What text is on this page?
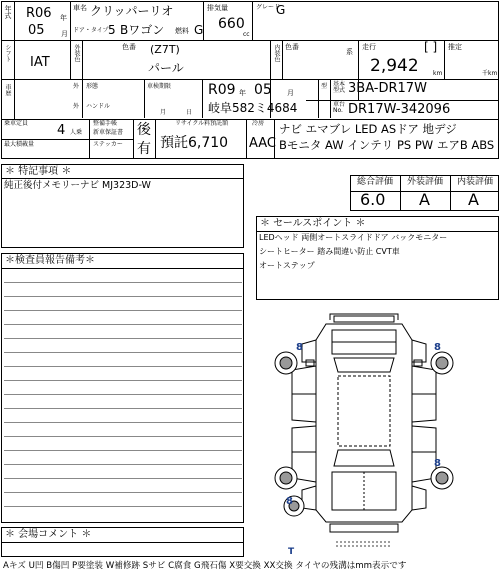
年式 R06 年
05 月
車名 クリッパーリオ
ドア・タイプ 5 Bワゴン 燃料 G
排気量
660
cc
グレード
G
シフト
IAT
外装色	色番 (Z7T)
パール
内装色 色番
系
走行	[ ]
2,942 km
推定
千km
車歴	外 形態
外 ハンドル
車検期限
月	日
R09 年 05 月
岐阜582ミ4684
型 基本型式 3BA-DR17W
車台No. DR17W-342096
乗車定員 4 人乗
最大積載量
整備手帳
新車保証書
ステッカー
後
有
リサイクル料預託額
預託6,710
冷房
AAC
ナビ エマブレ LED ASドア 地デジ
Bモニタ AW インテリ PS PW エアB ABS
＊ 特記事項 ＊
純正後付メモリーナビ MJ323D-W	総合評価 外装評価 内装評価
6.0 A A
＊ セールスポイント ＊
LEDヘッド 両側オートスライドドア バックモニター
シートヒーター 踏み間違い防止 CVT車
オートステップ
＊検査員報告備考＊
＊ 会場コメント ＊
8	8
8
8
T
Aキズ U凹 B傷凹 P要塗装 W補修跡 Sサビ C腐食 G飛石傷 X要交換 XX交換 タイヤの残溝はmm表示です
